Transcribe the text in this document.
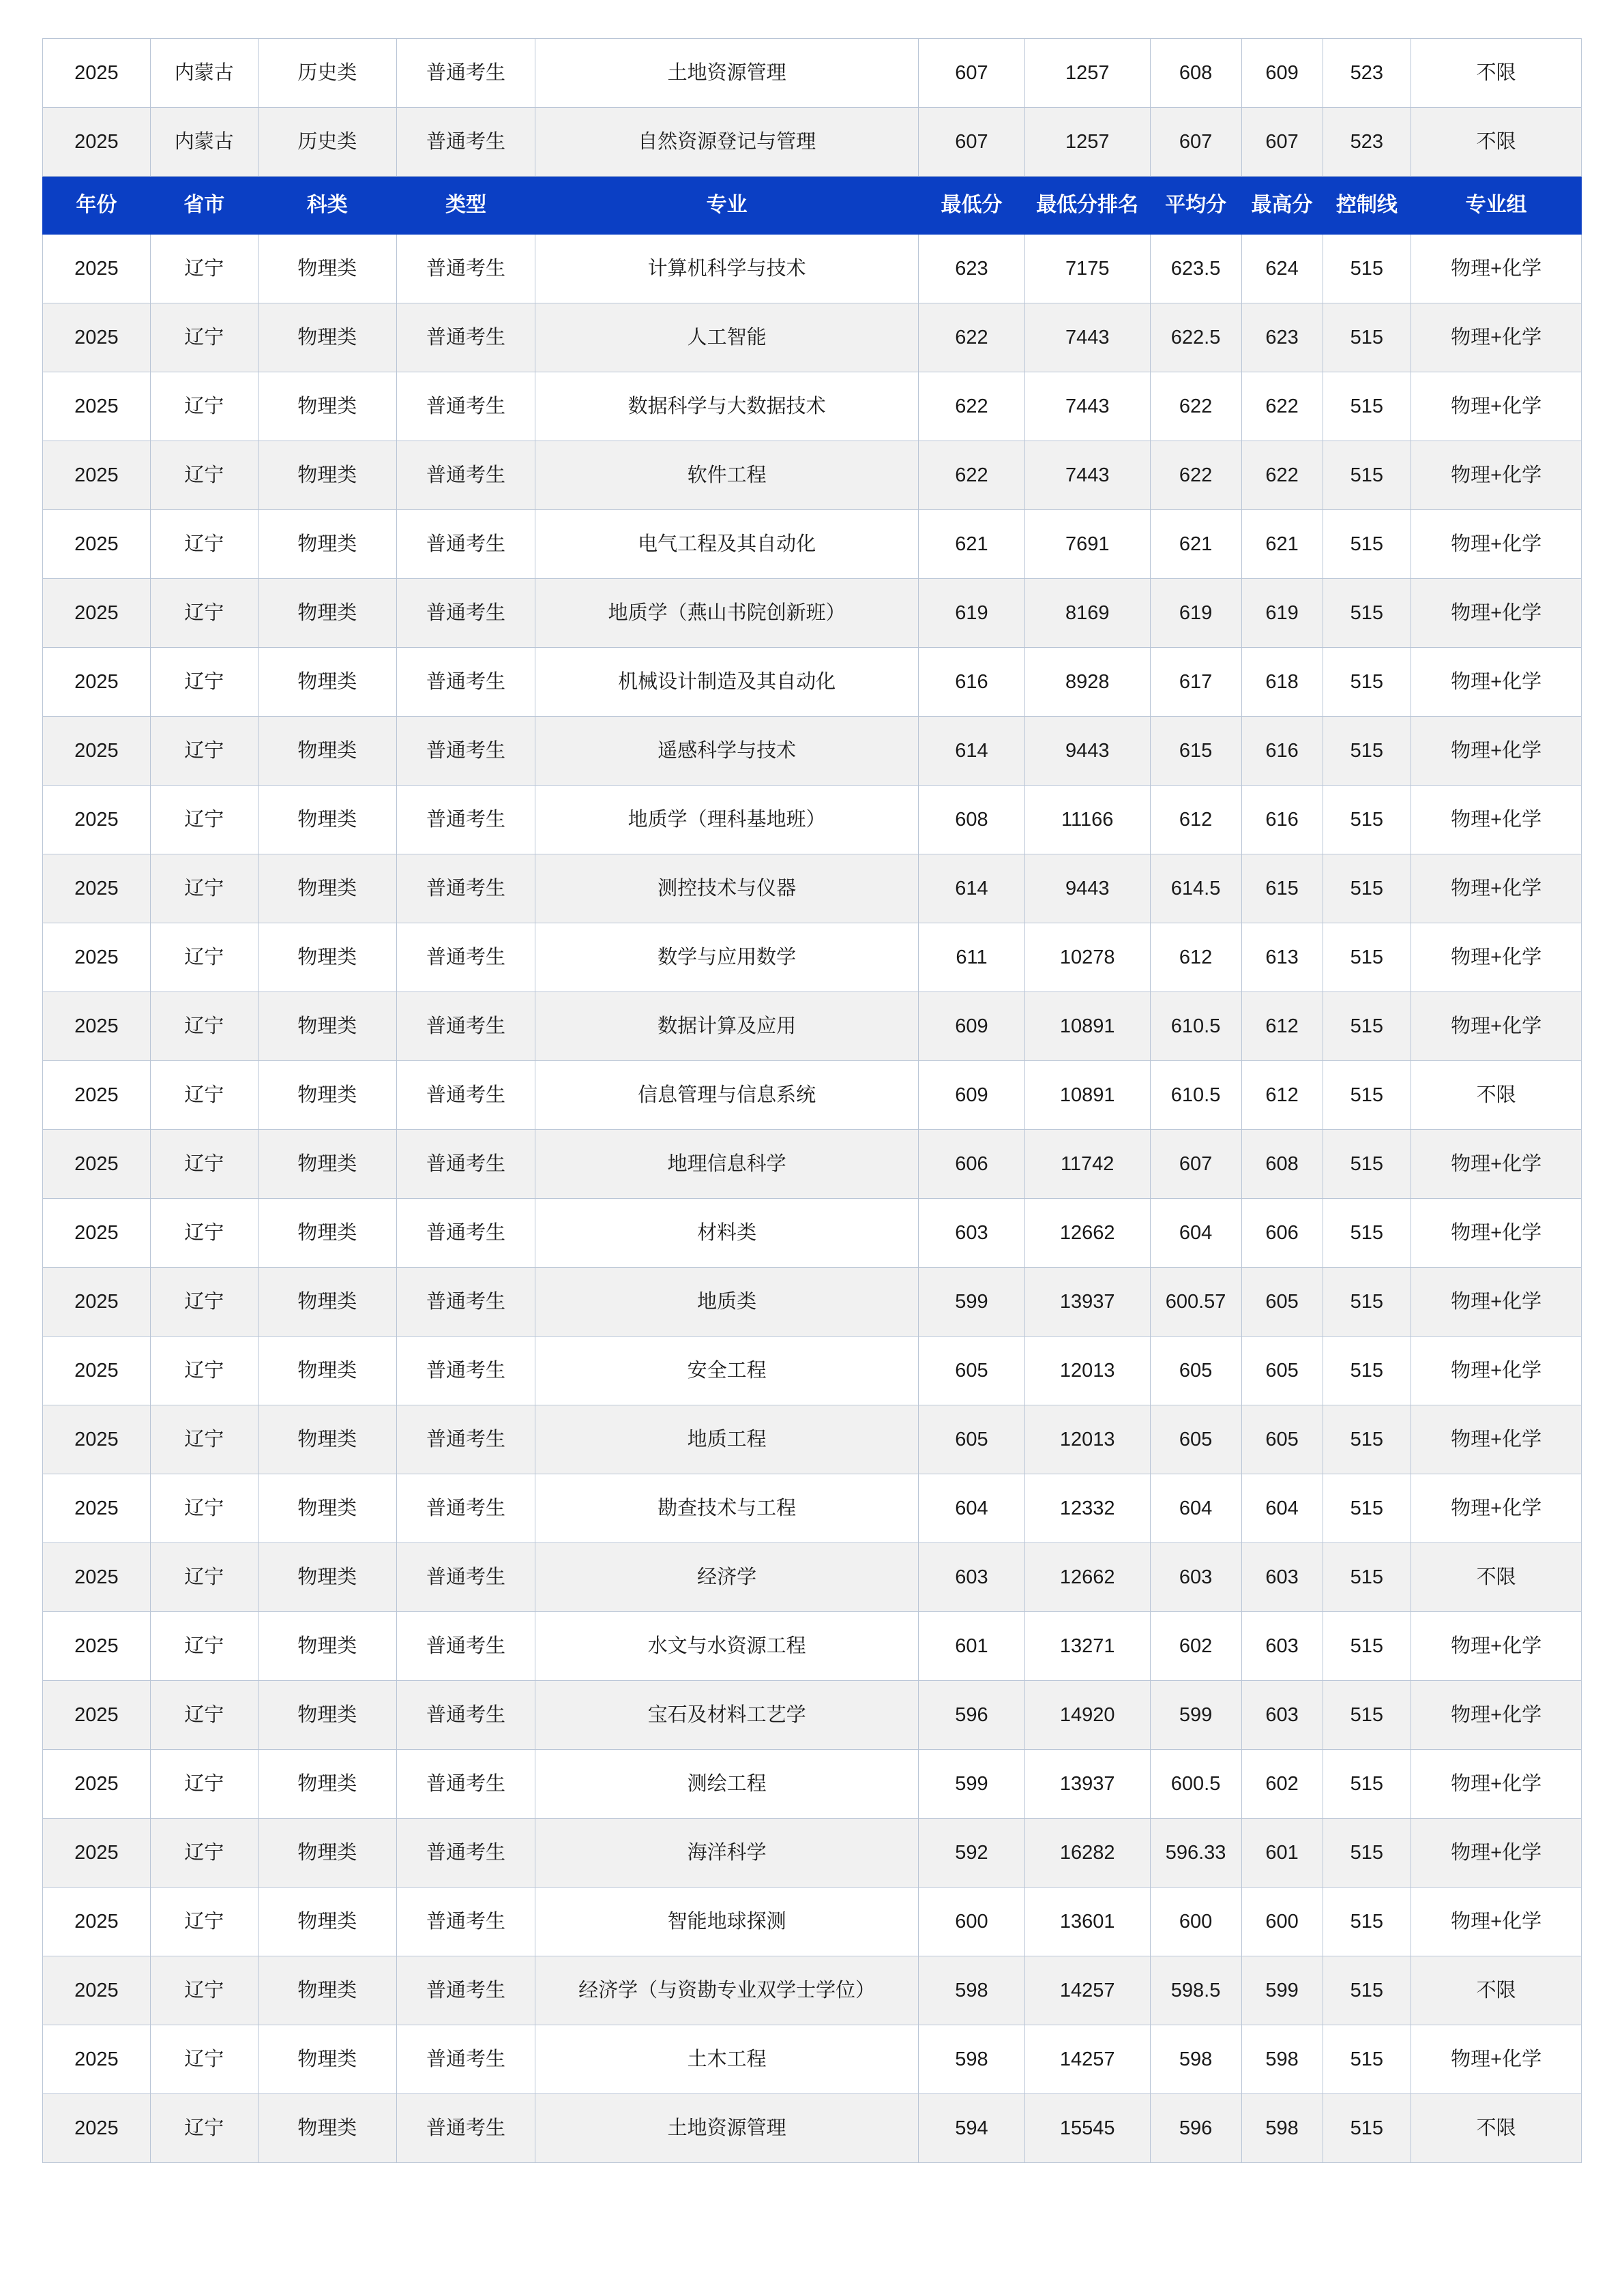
2025	内蒙古	历史类	普通考生	土地资源管理	607	1257	608	609	523	不限
2025	内蒙古	历史类	普通考生	自然资源登记与管理	607	1257	607	607	523	不限
年份	省市	科类	类型	专业	最低分	最低分排名	平均分	最高分	控制线	专业组
2025	辽宁	物理类	普通考生	计算机科学与技术	623	7175	623.5	624	515	物理+化学
2025	辽宁	物理类	普通考生	人工智能	622	7443	622.5	623	515	物理+化学
2025	辽宁	物理类	普通考生	数据科学与大数据技术	622	7443	622	622	515	物理+化学
2025	辽宁	物理类	普通考生	软件工程	622	7443	622	622	515	物理+化学
2025	辽宁	物理类	普通考生	电气工程及其自动化	621	7691	621	621	515	物理+化学
2025	辽宁	物理类	普通考生	地质学（燕山书院创新班）	619	8169	619	619	515	物理+化学
2025	辽宁	物理类	普通考生	机械设计制造及其自动化	616	8928	617	618	515	物理+化学
2025	辽宁	物理类	普通考生	遥感科学与技术	614	9443	615	616	515	物理+化学
2025	辽宁	物理类	普通考生	地质学（理科基地班）	608	11166	612	616	515	物理+化学
2025	辽宁	物理类	普通考生	测控技术与仪器	614	9443	614.5	615	515	物理+化学
2025	辽宁	物理类	普通考生	数学与应用数学	611	10278	612	613	515	物理+化学
2025	辽宁	物理类	普通考生	数据计算及应用	609	10891	610.5	612	515	物理+化学
2025	辽宁	物理类	普通考生	信息管理与信息系统	609	10891	610.5	612	515	不限
2025	辽宁	物理类	普通考生	地理信息科学	606	11742	607	608	515	物理+化学
2025	辽宁	物理类	普通考生	材料类	603	12662	604	606	515	物理+化学
2025	辽宁	物理类	普通考生	地质类	599	13937	600.57	605	515	物理+化学
2025	辽宁	物理类	普通考生	安全工程	605	12013	605	605	515	物理+化学
2025	辽宁	物理类	普通考生	地质工程	605	12013	605	605	515	物理+化学
2025	辽宁	物理类	普通考生	勘查技术与工程	604	12332	604	604	515	物理+化学
2025	辽宁	物理类	普通考生	经济学	603	12662	603	603	515	不限
2025	辽宁	物理类	普通考生	水文与水资源工程	601	13271	602	603	515	物理+化学
2025	辽宁	物理类	普通考生	宝石及材料工艺学	596	14920	599	603	515	物理+化学
2025	辽宁	物理类	普通考生	测绘工程	599	13937	600.5	602	515	物理+化学
2025	辽宁	物理类	普通考生	海洋科学	592	16282	596.33	601	515	物理+化学
2025	辽宁	物理类	普通考生	智能地球探测	600	13601	600	600	515	物理+化学
2025	辽宁	物理类	普通考生	经济学（与资勘专业双学士学位）	598	14257	598.5	599	515	不限
2025	辽宁	物理类	普通考生	土木工程	598	14257	598	598	515	物理+化学
2025	辽宁	物理类	普通考生	土地资源管理	594	15545	596	598	515	不限
